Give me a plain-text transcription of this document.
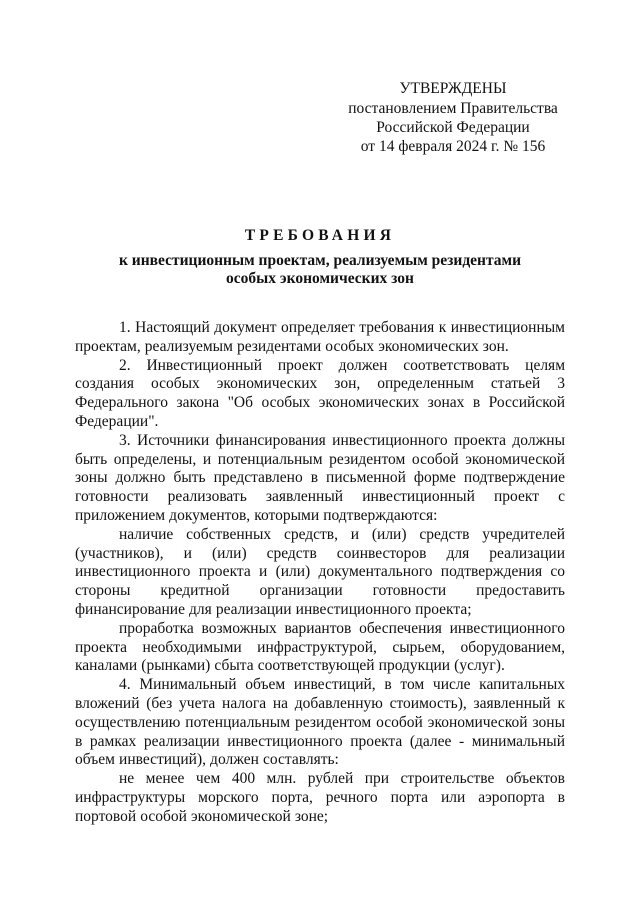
УТВЕРЖДЕНЫ
постановлением Правительства
Российской Федерации
от 14 февраля 2024 г. № 156
ТРЕБОВАНИЯ
к инвестиционным проектам, реализуемым резидентами
особых экономических зон

1. Настоящий документ определяет требования к инвестиционным проектам, реализуемым резидентами особых экономических зон.

2. Инвестиционный проект должен соответствовать целям создания особых экономических зон, определенным статьей 3 Федерального закона "Об особых экономических зонах в Российской Федерации".

3. Источники финансирования инвестиционного проекта должны быть определены, и потенциальным резидентом особой экономической зоны должно быть представлено в письменной форме подтверждение готовности реализовать заявленный инвестиционный проект с приложением документов, которыми подтверждаются:

наличие собственных средств, и (или) средств учредителей (участников), и (или) средств соинвесторов для реализации инвестиционного проекта и (или) документального подтверждения со стороны кредитной организации готовности предоставить финансирование для реализации инвестиционного проекта;

проработка возможных вариантов обеспечения инвестиционного проекта необходимыми инфраструктурой, сырьем, оборудованием, каналами (рынками) сбыта соответствующей продукции (услуг).

4. Минимальный объем инвестиций, в том числе капитальных вложений (без учета налога на добавленную стоимость), заявленный к осуществлению потенциальным резидентом особой экономической зоны в рамках реализации инвестиционного проекта (далее - минимальный объем инвестиций), должен составлять:

не менее чем 400 млн. рублей при строительстве объектов инфраструктуры морского порта, речного порта или аэропорта в портовой особой экономической зоне;
